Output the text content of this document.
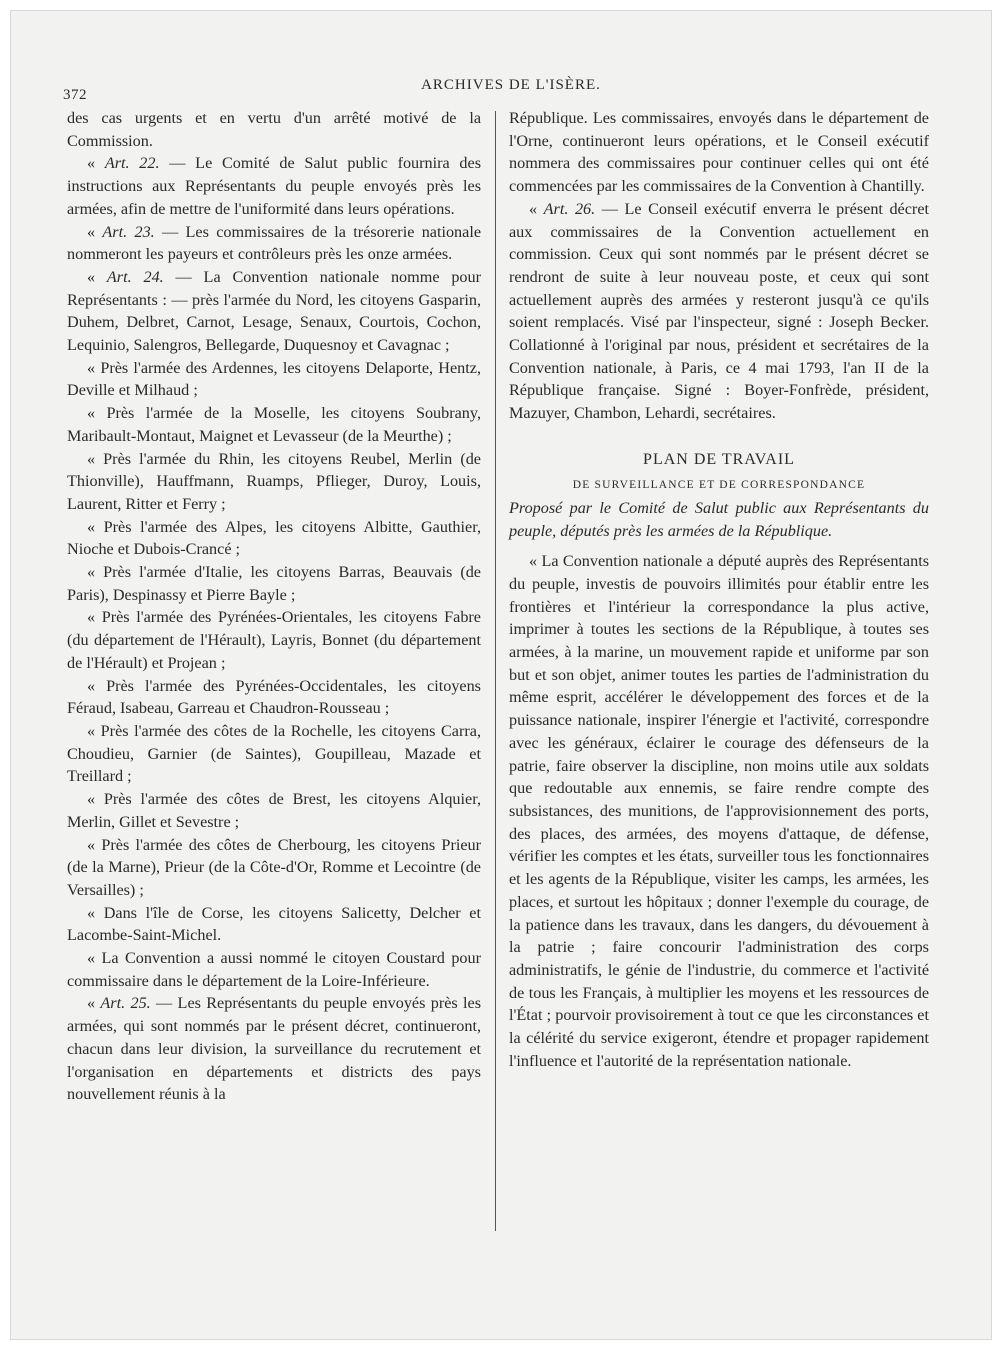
372
ARCHIVES DE L'ISÈRE.

des cas urgents et en vertu d'un arrêté motivé de la Commission.

« Art. 22. — Le Comité de Salut public fournira des instructions aux Représentants du peuple envoyés près les armées, afin de mettre de l'uniformité dans leurs opérations.

« Art. 23. — Les commissaires de la trésorerie nationale nommeront les payeurs et contrôleurs près les onze armées.

« Art. 24. — La Convention nationale nomme pour Représentants : — près l'armée du Nord, les citoyens Gasparin, Duhem, Delbret, Carnot, Lesage, Senaux, Courtois, Cochon, Lequinio, Salengros, Bellegarde, Duquesnoy et Cavagnac ;

« Près l'armée des Ardennes, les citoyens Delaporte, Hentz, Deville et Milhaud ;

« Près l'armée de la Moselle, les citoyens Soubrany, Maribault-Montaut, Maignet et Levasseur (de la Meurthe) ;

« Près l'armée du Rhin, les citoyens Reubel, Merlin (de Thionville), Hauffmann, Ruamps, Pflieger, Duroy, Louis, Laurent, Ritter et Ferry ;

« Près l'armée des Alpes, les citoyens Albitte, Gauthier, Nioche et Dubois-Crancé ;

« Près l'armée d'Italie, les citoyens Barras, Beauvais (de Paris), Despinassy et Pierre Bayle ;

« Près l'armée des Pyrénées-Orientales, les citoyens Fabre (du département de l'Hérault), Layris, Bonnet (du département de l'Hérault) et Projean ;

« Près l'armée des Pyrénées-Occidentales, les citoyens Féraud, Isabeau, Garreau et Chaudron-Rousseau ;

« Près l'armée des côtes de la Rochelle, les citoyens Carra, Choudieu, Garnier (de Saintes), Goupilleau, Mazade et Treillard ;

« Près l'armée des côtes de Brest, les citoyens Alquier, Merlin, Gillet et Sevestre ;

« Près l'armée des côtes de Cherbourg, les citoyens Prieur (de la Marne), Prieur (de la Côte-d'Or, Romme et Lecointre (de Versailles) ;

« Dans l'île de Corse, les citoyens Salicetty, Delcher et Lacombe-Saint-Michel.

« La Convention a aussi nommé le citoyen Coustard pour commissaire dans le département de la Loire-Inférieure.

« Art. 25. — Les Représentants du peuple envoyés près les armées, qui sont nommés par le présent décret, continueront, chacun dans leur division, la surveillance du recrutement et l'organisation en départements et districts des pays nouvellement réunis à la

République. Les commissaires, envoyés dans le département de l'Orne, continueront leurs opérations, et le Conseil exécutif nommera des commissaires pour continuer celles qui ont été commencées par les commissaires de la Convention à Chantilly.

« Art. 26. — Le Conseil exécutif enverra le présent décret aux commissaires de la Convention actuellement en commission. Ceux qui sont nommés par le présent décret se rendront de suite à leur nouveau poste, et ceux qui sont actuellement auprès des armées y resteront jusqu'à ce qu'ils soient remplacés. Visé par l'inspecteur, signé : Joseph Becker. Collationné à l'original par nous, président et secrétaires de la Convention nationale, à Paris, ce 4 mai 1793, l'an II de la République française. Signé : Boyer-Fonfrède, président, Mazuyer, Chambon, Lehardi, secrétaires.

PLAN DE TRAVAIL

DE SURVEILLANCE ET DE CORRESPONDANCE

Proposé par le Comité de Salut public aux Représentants du peuple, députés près les armées de la République.

« La Convention nationale a député auprès des Représentants du peuple, investis de pouvoirs illimités pour établir entre les frontières et l'intérieur la correspondance la plus active, imprimer à toutes les sections de la République, à toutes ses armées, à la marine, un mouvement rapide et uniforme par son but et son objet, animer toutes les parties de l'administration du même esprit, accélérer le développement des forces et de la puissance nationale, inspirer l'énergie et l'activité, correspondre avec les généraux, éclairer le courage des défenseurs de la patrie, faire observer la discipline, non moins utile aux soldats que redoutable aux ennemis, se faire rendre compte des subsistances, des munitions, de l'approvisionnement des ports, des places, des armées, des moyens d'attaque, de défense, vérifier les comptes et les états, surveiller tous les fonctionnaires et les agents de la République, visiter les camps, les armées, les places, et surtout les hôpitaux ; donner l'exemple du courage, de la patience dans les travaux, dans les dangers, du dévouement à la patrie ; faire concourir l'administration des corps administratifs, le génie de l'industrie, du commerce et l'activité de tous les Français, à multiplier les moyens et les ressources de l'État ; pourvoir provisoirement à tout ce que les circonstances et la célérité du service exigeront, étendre et propager rapidement l'influence et l'autorité de la représentation nationale.
